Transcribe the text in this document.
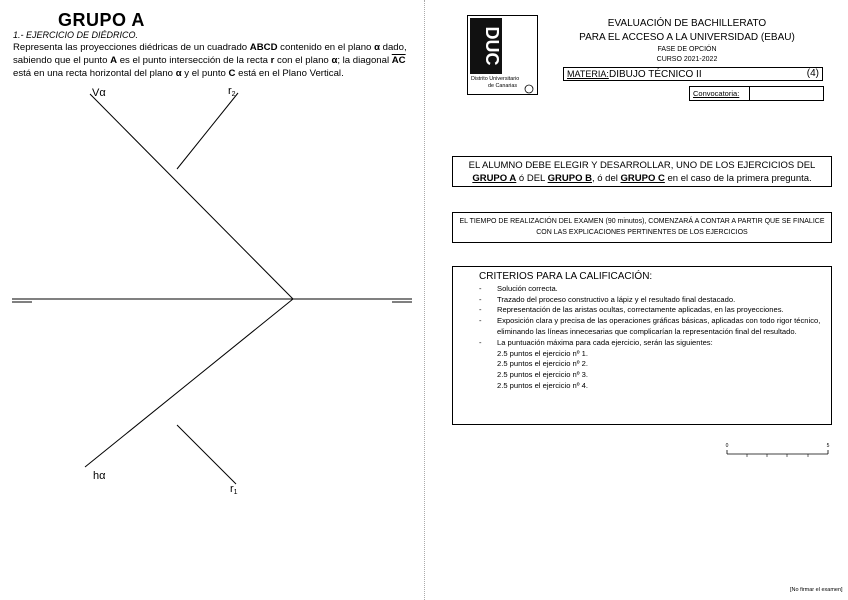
GRUPO A
1.- EJERCICIO DE DIÉDRICO.
Representa las proyecciones diédricas de un cuadrado ABCD contenido en el plano α dado, sabiendo que el punto A es el punto intersección de la recta r con el plano α; la diagonal $\overline{AC}$ está en una recta horizontal del plano α y el punto C está en el Plano Vertical.
Vα	r2
hα
r1
DUC
Distrito Universitario
de Canarias
EVALUACIÓN DE BACHILLERATO
PARA EL ACCESO A LA UNIVERSIDAD (EBAU)
FASE DE OPCIÓN
CURSO 2021-2022
MATERIA: DIBUJO TÉCNICO II	(4)
Convocatoria:
EL ALUMNO DEBE ELEGIR Y DESARROLLAR, UNO DE LOS EJERCICIOS DEL GRUPO A ó DEL GRUPO B, ó del GRUPO C en el caso de la primera pregunta.
EL TIEMPO DE REALIZACIÓN DEL EXAMEN (90 minutos), COMENZARÁ A CONTAR A PARTIR QUE SE FINALICE CON LAS EXPLICACIONES PERTINENTES DE LOS EJERCICIOS
CRITERIOS PARA LA CALIFICACIÓN:
- Solución correcta.
- Trazado del proceso constructivo a lápiz y el resultado final destacado.
- Representación de las aristas ocultas, correctamente aplicadas, en las proyecciones.
- Exposición clara y precisa de las operaciones gráficas básicas, aplicadas con todo rigor técnico, eliminando las líneas innecesarias que complicarían la representación final del resultado.
- La puntuación máxima para cada ejercicio, serán las siguientes:
2.5 puntos el ejercicio nº 1.
2.5 puntos el ejercicio nº 2.
2.5 puntos el ejercicio nº 3.
2.5 puntos el ejercicio nº 4.
0	5
[No firmar el examen]
